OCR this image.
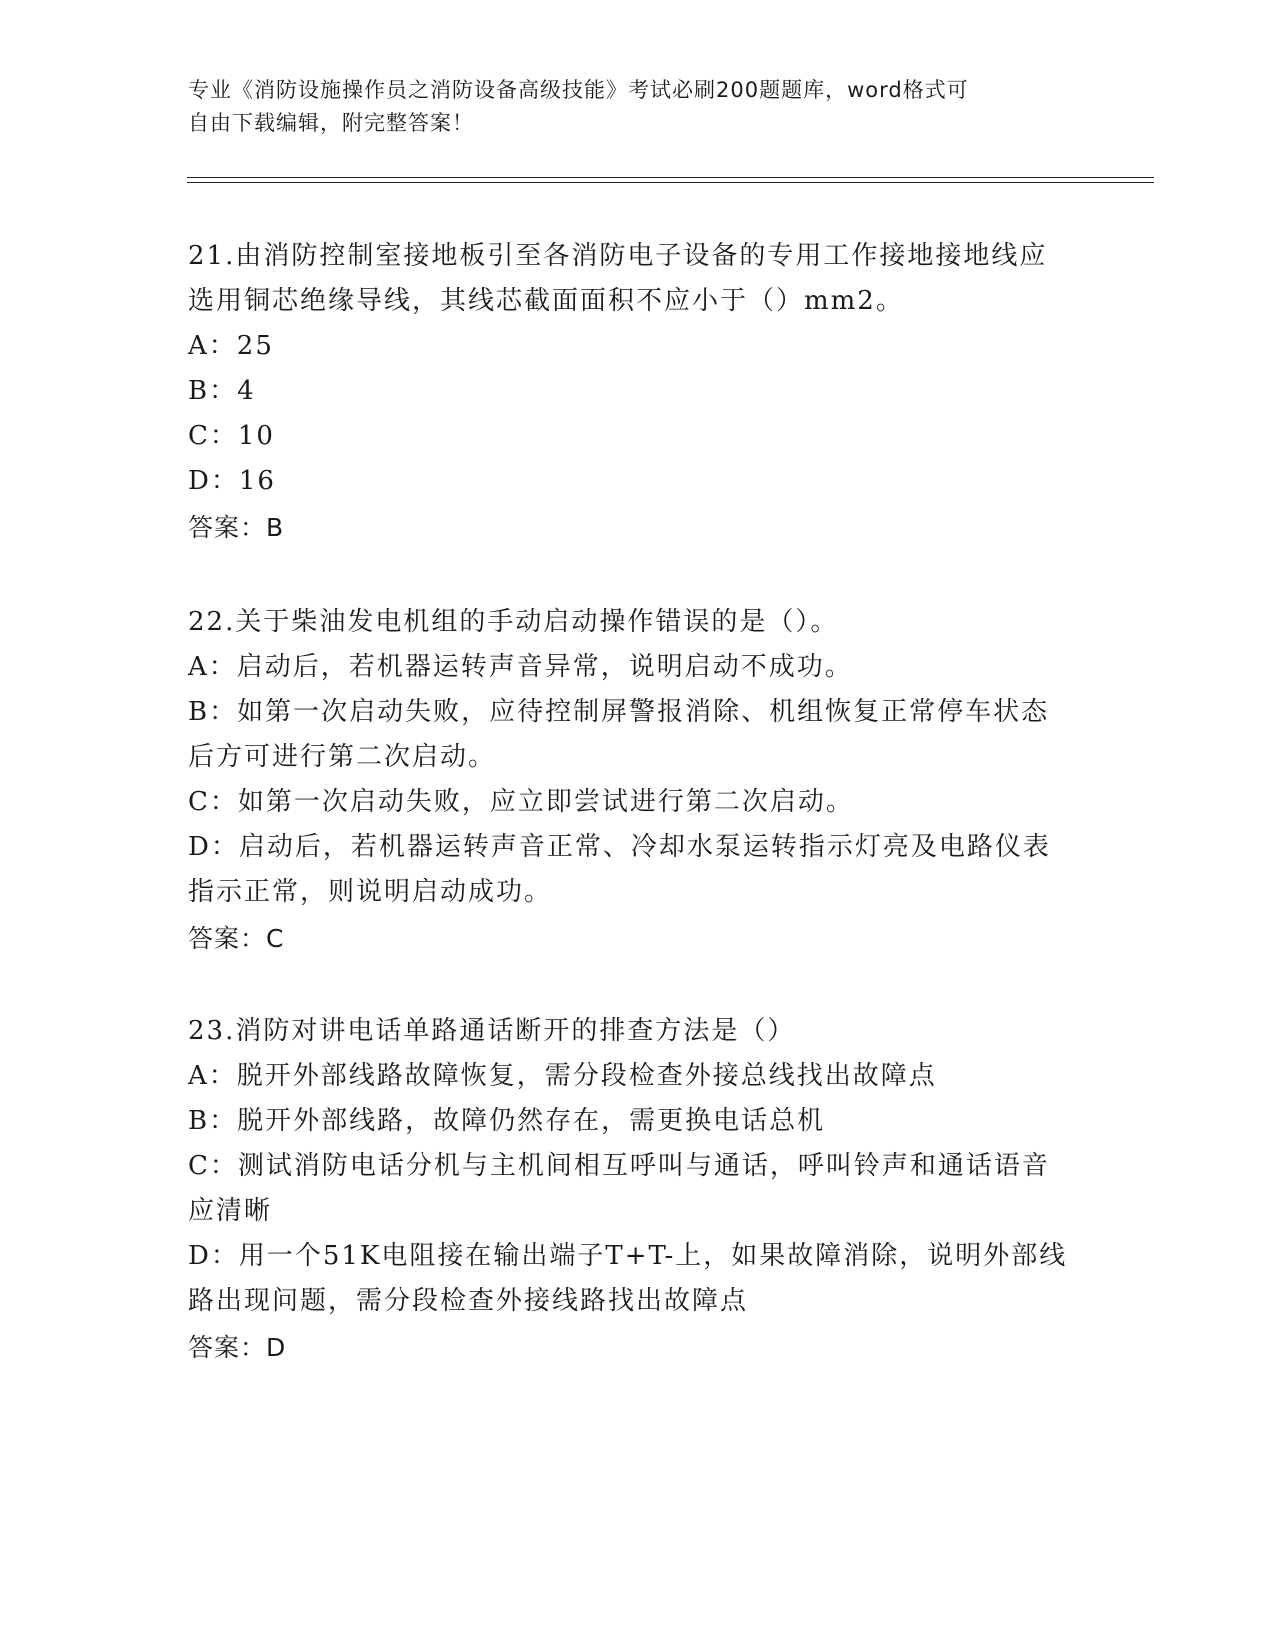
专业《消防设施操作员之消防设备高级技能》考试必刷200题题库，word格式可
自由下载编辑，附完整答案！
21.由消防控制室接地板引至各消防电子设备的专用工作接地接地线应
选用铜芯绝缘导线，其线芯截面面积不应小于（）mm2。
A：25
B：4
C：10
D：16
答案：B
22.关于柴油发电机组的手动启动操作错误的是（）。
A：启动后，若机器运转声音异常，说明启动不成功。
B：如第一次启动失败，应待控制屏警报消除、机组恢复正常停车状态
后方可进行第二次启动。
C：如第一次启动失败，应立即尝试进行第二次启动。
D：启动后，若机器运转声音正常、冷却水泵运转指示灯亮及电路仪表
指示正常，则说明启动成功。
答案：C
23.消防对讲电话单路通话断开的排查方法是（）
A：脱开外部线路故障恢复，需分段检查外接总线找出故障点
B：脱开外部线路，故障仍然存在，需更换电话总机
C：测试消防电话分机与主机间相互呼叫与通话，呼叫铃声和通话语音
应清晰
D：用一个51K电阻接在输出端子T+T-上，如果故障消除，说明外部线
路出现问题，需分段检查外接线路找出故障点
答案：D
